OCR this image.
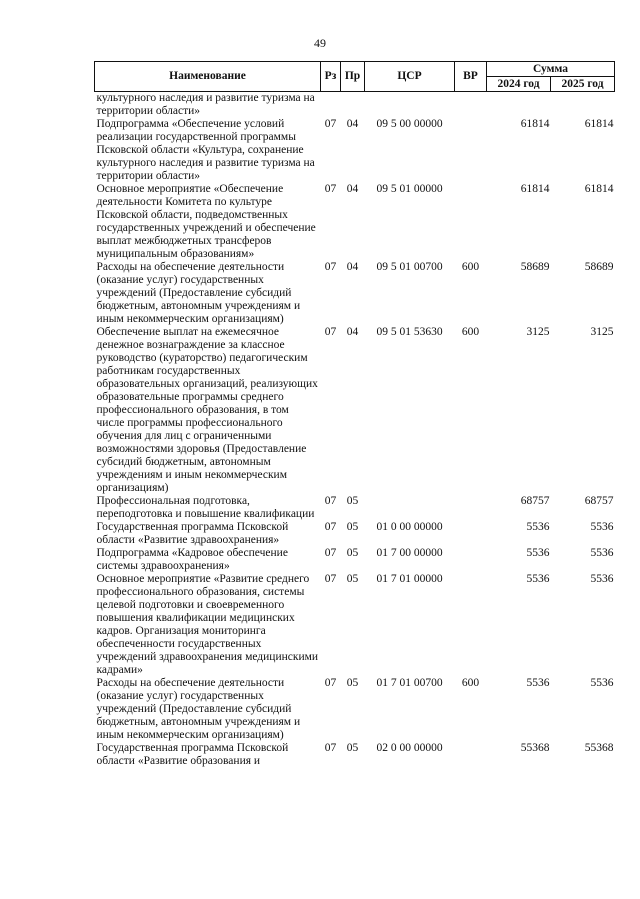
49
Наименование	Рз	Пр	ЦСР	ВР	Сумма	
					2024 год	2025 год
культурного наследия и развитие туризма на территории области»						
Подпрограмма «Обеспечение условий реализации государственной программы Псковской области «Культура, сохранение культурного наследия и развитие туризма на территории области»	07	04	09 5 00 00000		61814	61814
Основное мероприятие «Обеспечение деятельности Комитета по культуре Псковской области, подведомственных государственных учреждений и обеспечение выплат межбюджетных трансферов муниципальным образованиям»	07	04	09 5 01 00000		61814	61814
Расходы на обеспечение деятельности (оказание услуг) государственных учреждений (Предоставление субсидий бюджетным, автономным учреждениям и иным некоммерческим организациям)	07	04	09 5 01 00700	600	58689	58689
Обеспечение выплат на ежемесячное денежное вознаграждение за классное руководство (кураторство) педагогическим работникам государственных образовательных организаций, реализующих образовательные программы среднего профессионального образования, в том числе программы профессионального обучения для лиц с ограниченными возможностями здоровья (Предоставление субсидий бюджетным, автономным учреждениям и иным некоммерческим организациям)	07	04	09 5 01 53630	600	3125	3125
Профессиональная подготовка, переподготовка и повышение квалификации	07	05			68757	68757
Государственная программа Псковской области «Развитие здравоохранения»	07	05	01 0 00 00000		5536	5536
Подпрограмма «Кадровое обеспечение системы здравоохранения»	07	05	01 7 00 00000		5536	5536
Основное мероприятие «Развитие среднего профессионального образования, системы целевой подготовки и своевременного повышения квалификации медицинских кадров. Организация мониторинга обеспеченности государственных учреждений здравоохранения медицинскими кадрами»	07	05	01 7 01 00000		5536	5536
Расходы на обеспечение деятельности (оказание услуг) государственных учреждений (Предоставление субсидий бюджетным, автономным учреждениям и иным некоммерческим организациям)	07	05	01 7 01 00700	600	5536	5536
Государственная программа Псковской области «Развитие образования и	07	05	02 0 00 00000		55368	55368
